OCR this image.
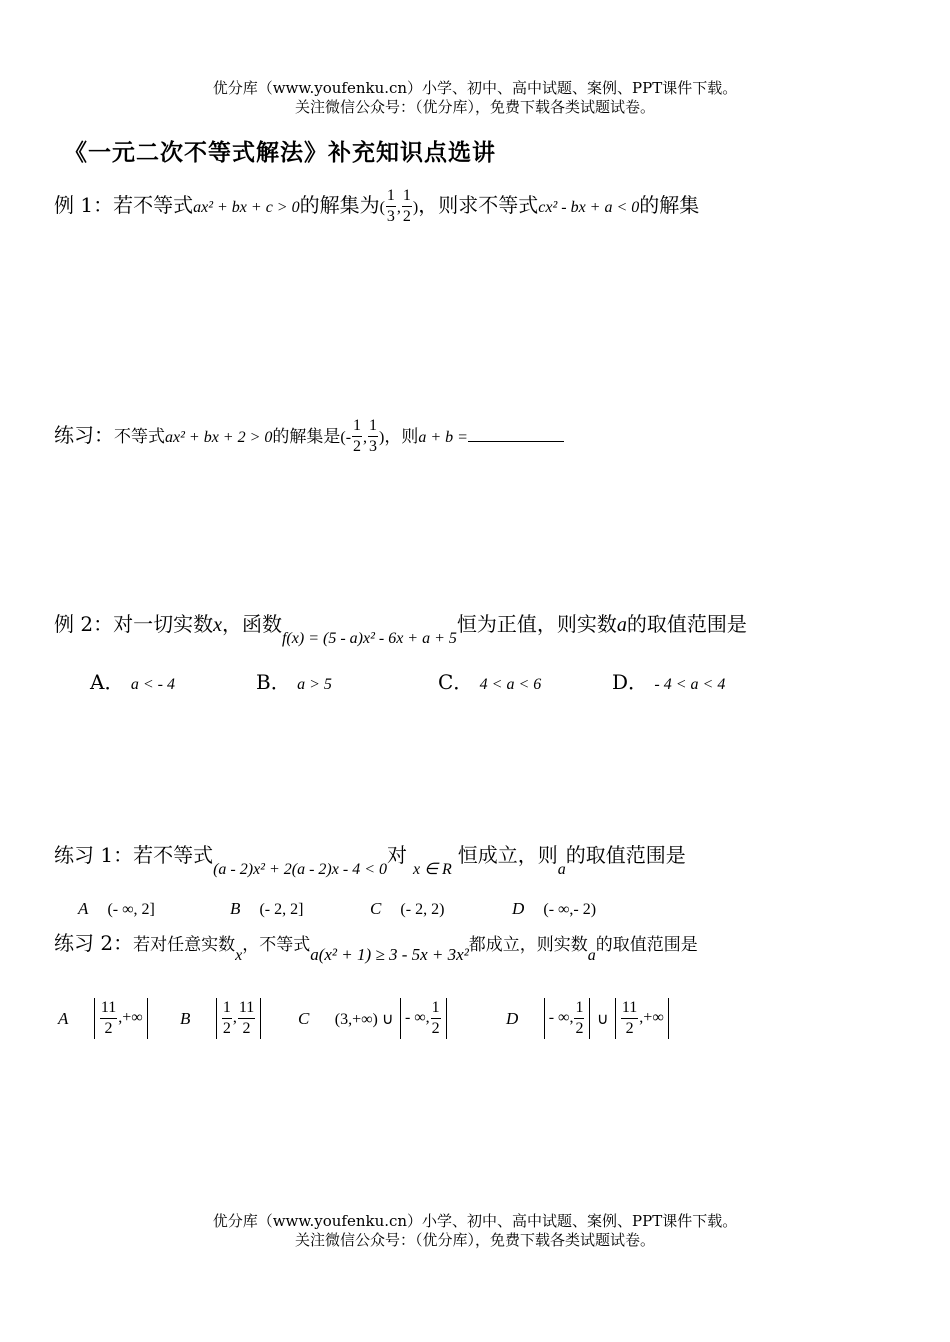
优分库（www.youfenku.cn）小学、初中、高中试题、案例、PPT课件下载。
关注微信公众号：（优分库），免费下载各类试题试卷。
《一元二次不等式解法》补充知识点选讲
例 1：若不等式ax² + bx + c > 0的解集为( $\frac{1}{3}$ , $\frac{1}{2}$ )，则求不等式cx² - bx + a < 0的解集
练习：不等式ax² + bx + 2 > 0的解集是(- $\frac{1}{2}$ , $\frac{1}{3}$ )，则a + b =
例 2：对一切实数x，函数$_{f(x) = (5 - a)x^2 - 6x + a + 5}$恒为正值，则实数a的取值范围是
A． a < - 4	B． a > 5	C． 4 < a < 6	D． - 4 < a < 4
练习 1：若不等式$_{(a - 2)x^2 + 2(a - 2)x - 4 < 0}$对$_{x \in R}$恒成立，则$_a$的取值范围是
A (- ∞, 2]	B (- 2, 2]	C (- 2, 2)	D (- ∞,- 2)
练习 2：若对任意实数$_x$，不等式$_{a(x^2 + 1) \ge 3 - 5x + 3x^2}$都成立，则实数$_a$的取值范围是
A $\frac{11}{2}$ ,+∞ B $\frac{1}{2}$ , $\frac{11}{2}$	C (3,+∞) ∪ - ∞, $\frac{1}{2}$	D - ∞, $\frac{1}{2}$ ∪ $\frac{11}{2}$ ,+∞
优分库（www.youfenku.cn）小学、初中、高中试题、案例、PPT课件下载。
关注微信公众号：（优分库），免费下载各类试题试卷。
